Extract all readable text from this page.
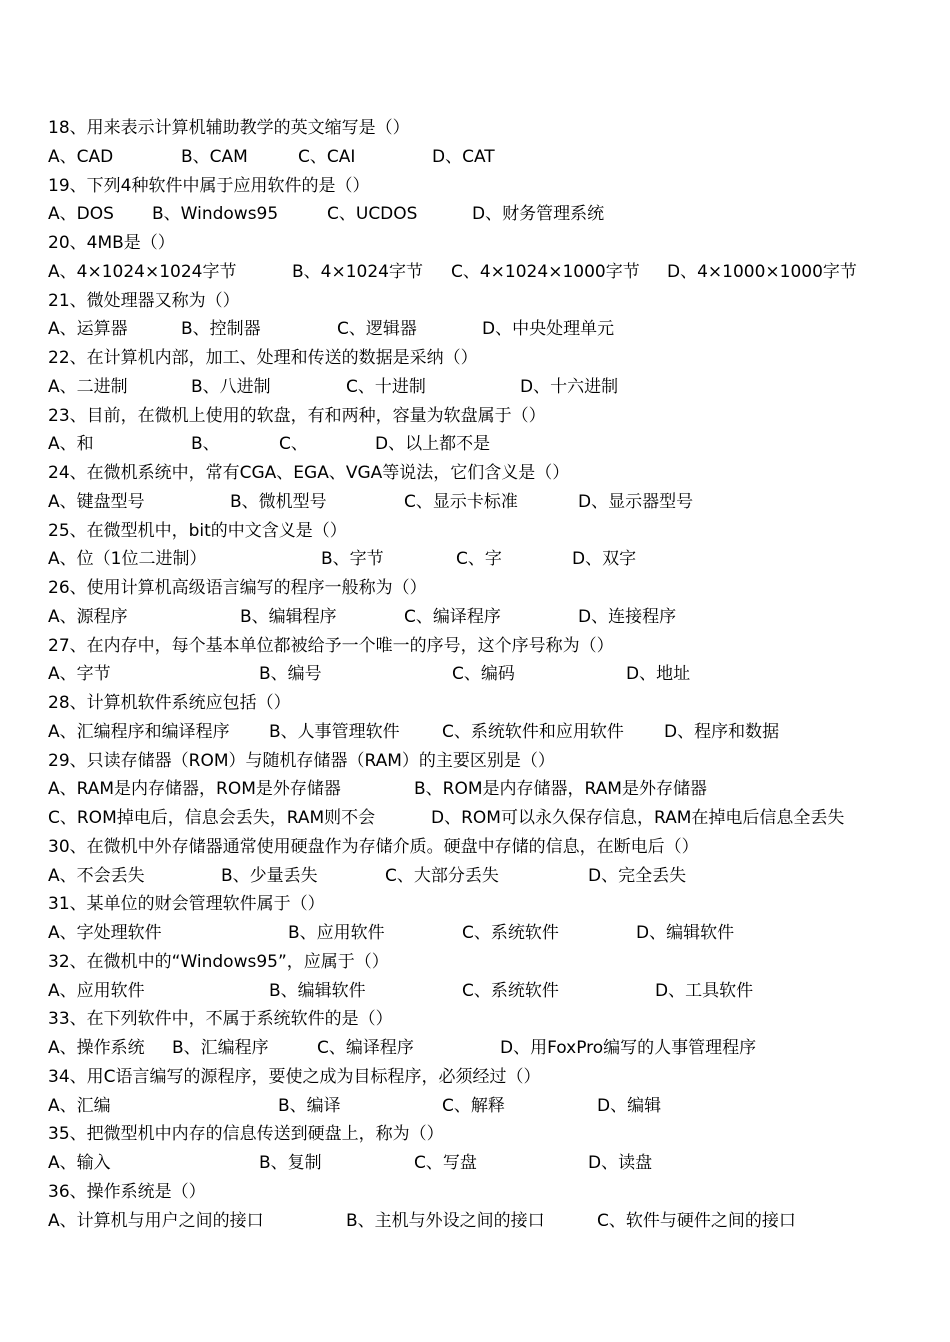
18、用来表示计算机辅助教学的英文缩写是（）
A、CAD	B、CAM	C、CAI	D、CAT
19、下列4种软件中属于应用软件的是（）
A、DOS B、Windows95	C、UCDOS	D、财务管理系统
20、4MB是（）
A、4×1024×1024字节	B、4×1024字节 C、4×1024×1000字节 D、4×1000×1000字节
21、微处理器又称为（）
A、运算器	B、控制器	C、逻辑器	D、中央处理单元
22、在计算机内部，加工、处理和传送的数据是采纳（）
A、二进制	B、八进制	C、十进制	D、十六进制
23、目前，在微机上使用的软盘，有和两种，容量为软盘属于（）
A、和	B、	C、	D、以上都不是
24、在微机系统中，常有CGA、EGA、VGA等说法，它们含义是（）
A、键盘型号	B、微机型号	C、显示卡标准	D、显示器型号
25、在微型机中，bit的中文含义是（）
A、位（1位二进制）	B、字节	C、字	D、双字
26、使用计算机高级语言编写的程序一般称为（）
A、源程序	B、编辑程序	C、编译程序	D、连接程序
27、在内存中，每个基本单位都被给予一个唯一的序号，这个序号称为（）
A、字节	B、编号	C、编码	D、地址
28、计算机软件系统应包括（）
A、汇编程序和编译程序 B、人事管理软件 C、系统软件和应用软件 D、程序和数据
29、只读存储器（ROM）与随机存储器（RAM）的主要区别是（）
A、RAM是内存储器，ROM是外存储器	B、ROM是内存储器，RAM是外存储器
C、ROM掉电后，信息会丢失，RAM则不会	D、ROM可以永久保存信息，RAM在掉电后信息全丢失
30、在微机中外存储器通常使用硬盘作为存储介质。硬盘中存储的信息，在断电后（）
A、不会丢失	B、少量丢失	C、大部分丢失	D、完全丢失
31、某单位的财会管理软件属于（）
A、字处理软件	B、应用软件	C、系统软件	D、编辑软件
32、在微机中的“Windows95”，应属于（）
A、应用软件	B、编辑软件	C、系统软件	D、工具软件
33、在下列软件中，不属于系统软件的是（）
A、操作系统 B、汇编程序	C、编译程序	D、用FoxPro编写的人事管理程序
34、用C语言编写的源程序，要使之成为目标程序，必须经过（）
A、汇编	B、编译	C、解释	D、编辑
35、把微型机中内存的信息传送到硬盘上，称为（）
A、输入	B、复制	C、写盘	D、读盘
36、操作系统是（）
A、计算机与用户之间的接口	B、主机与外设之间的接口	C、软件与硬件之间的接口
